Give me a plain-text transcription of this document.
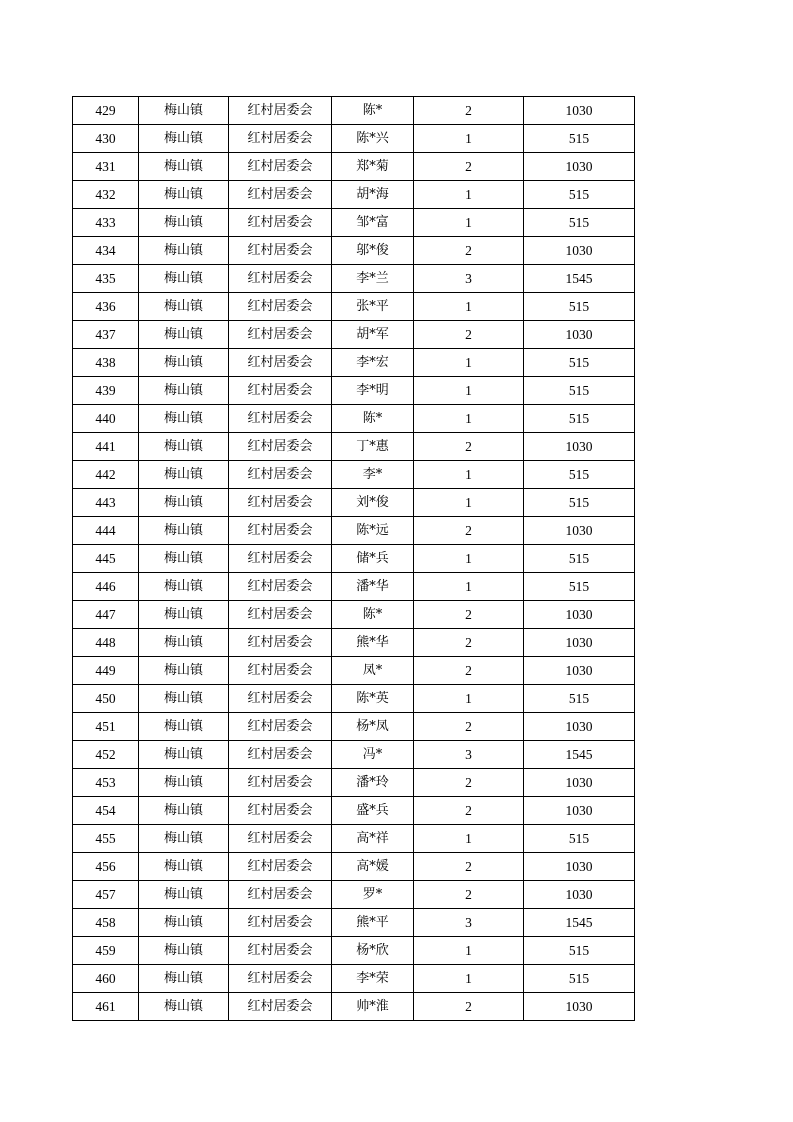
429	梅山镇	红村居委会	陈*	2	1030
430	梅山镇	红村居委会	陈*兴	1	515
431	梅山镇	红村居委会	郑*菊	2	1030
432	梅山镇	红村居委会	胡*海	1	515
433	梅山镇	红村居委会	邹*富	1	515
434	梅山镇	红村居委会	邬*俊	2	1030
435	梅山镇	红村居委会	李*兰	3	1545
436	梅山镇	红村居委会	张*平	1	515
437	梅山镇	红村居委会	胡*军	2	1030
438	梅山镇	红村居委会	李*宏	1	515
439	梅山镇	红村居委会	李*明	1	515
440	梅山镇	红村居委会	陈*	1	515
441	梅山镇	红村居委会	丁*惠	2	1030
442	梅山镇	红村居委会	李*	1	515
443	梅山镇	红村居委会	刘*俊	1	515
444	梅山镇	红村居委会	陈*远	2	1030
445	梅山镇	红村居委会	储*兵	1	515
446	梅山镇	红村居委会	潘*华	1	515
447	梅山镇	红村居委会	陈*	2	1030
448	梅山镇	红村居委会	熊*华	2	1030
449	梅山镇	红村居委会	凤*	2	1030
450	梅山镇	红村居委会	陈*英	1	515
451	梅山镇	红村居委会	杨*凤	2	1030
452	梅山镇	红村居委会	冯*	3	1545
453	梅山镇	红村居委会	潘*玲	2	1030
454	梅山镇	红村居委会	盛*兵	2	1030
455	梅山镇	红村居委会	高*祥	1	515
456	梅山镇	红村居委会	高*媛	2	1030
457	梅山镇	红村居委会	罗*	2	1030
458	梅山镇	红村居委会	熊*平	3	1545
459	梅山镇	红村居委会	杨*欣	1	515
460	梅山镇	红村居委会	李*荣	1	515
461	梅山镇	红村居委会	帅*淮	2	1030
